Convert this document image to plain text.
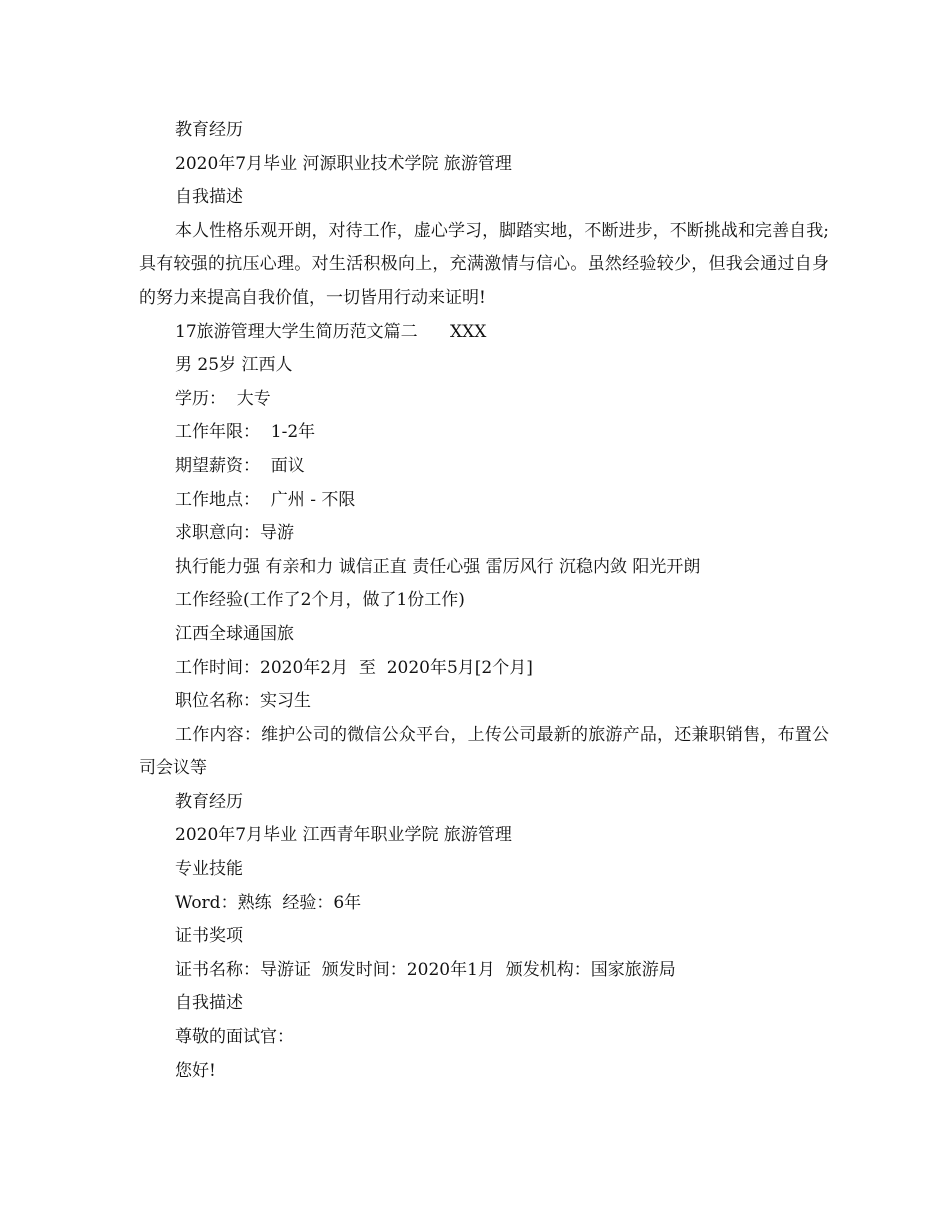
教育经历
2020年7月毕业 河源职业技术学院 旅游管理
自我描述
本人性格乐观开朗，对待工作，虚心学习，脚踏实地，不断进步，不断挑战和完善自我;具有较强的抗压心理。对生活积极向上，充满激情与信心。虽然经验较少，但我会通过自身的努力来提高自我价值，一切皆用行动来证明!
17旅游管理大学生简历范文篇二      XXX
男 25岁 江西人
学历：  大专
工作年限：  1-2年
期望薪资：  面议
工作地点：  广州 - 不限
求职意向：导游
执行能力强 有亲和力 诚信正直 责任心强 雷厉风行 沉稳内敛 阳光开朗
工作经验(工作了2个月，做了1份工作)
江西全球通国旅
工作时间：2020年2月  至  2020年5月[2个月]
职位名称：实习生
工作内容：维护公司的微信公众平台，上传公司最新的旅游产品，还兼职销售，布置公司会议等
教育经历
2020年7月毕业 江西青年职业学院 旅游管理
专业技能
Word：熟练  经验：6年
证书奖项
证书名称：导游证  颁发时间：2020年1月  颁发机构：国家旅游局
自我描述
尊敬的面试官：
您好!
